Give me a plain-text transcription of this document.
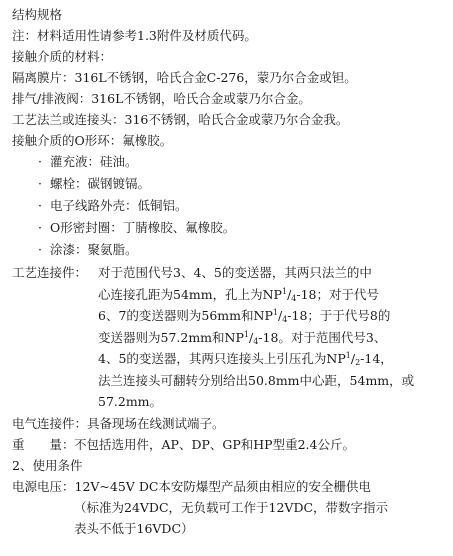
结构规格
注：材料适用性请参考1.3附件及材质代码。
接触介质的材料：
隔离膜片：316L不锈钢，哈氏合金C-276，蒙乃尔合金或钽。
排气/排液阀：316L不锈钢，哈氏合金或蒙乃尔合金。
工艺法兰或连接头：316不锈钢，哈氏合金或蒙乃尔合金我。
接触介质的O形环：氟橡胶。
· 灌充液：硅油。
· 螺栓：碳钢镀镉。
· 电子线路外壳：低铜铝。
· O形密封圈：丁腈橡胶、氟橡胶。
· 涂漆：聚氨脂。
工艺连接件： 对于范围代号3、4、5的变送器，其两只法兰的中
心连接孔距为54mm，孔上为$NP^1/_4-18$；对于代号
6、7的变送器则为56mm和$NP^1/_4-18$；于于代号8的
变送器则为57.2mm和$NP^1/_4-18$。对于范围代号3、
4、5的变送器，其两只连接头上引压孔为$NP^1/_2-14$，
法兰连接头可翻转分别给出50.8mm中心距，54mm，或
57.2mm。
电气连接件：具备现场在线测试端子。
重　　量：不包括选用件，AP、DP、GP和HP型重2.4公斤。
2、使用条件
电源电压：12V~45V DC本安防爆型产品须由相应的安全栅供电
（标准为24VDC，无负载可工作于12VDC，带数字指示
表头不低于16VDC）
